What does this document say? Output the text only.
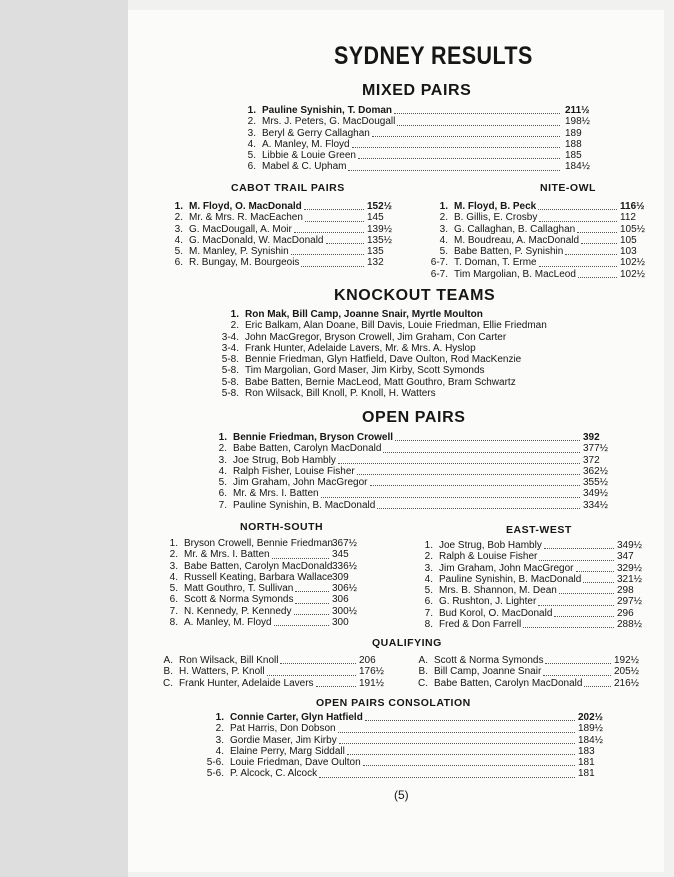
SYDNEY RESULTS
MIXED PAIRS
1. Pauline Synishin, T. Doman	211½
2. Mrs. J. Peters, G. MacDougall	198½
3. Beryl & Gerry Callaghan	189
4. A. Manley, M. Floyd	188
5. Libbie & Louie Green	185
6. Mabel & C. Upham	184½
CABOT TRAIL PAIRS
1. M. Floyd, O. MacDonald	152½
2. Mr. & Mrs. R. MacEachen	145
3. G. MacDougall, A. Moir	139½
4. G. MacDonald, W. MacDonald	135½
5. M. Manley, P. Synishin	135
6. R. Bungay, M. Bourgeois	132
NITE-OWL
1. M. Floyd, B. Peck	116½
2. B. Gillis, E. Crosby	112
3. G. Callaghan, B. Callaghan	105½
4. M. Boudreau, A. MacDonald	105
5. Babe Batten, P. Synishin	103
6-7. T. Doman, T. Erme	102½
6-7. Tim Margolian, B. MacLeod	102½
KNOCKOUT TEAMS
1. Ron Mak, Bill Camp, Joanne Snair, Myrtle Moulton
2. Eric Balkam, Alan Doane, Bill Davis, Louie Friedman, Ellie Friedman
3-4. John MacGregor, Bryson Crowell, Jim Graham, Con Carter
3-4. Frank Hunter, Adelaide Lavers, Mr. & Mrs. A. Hyslop
5-8. Bennie Friedman, Glyn Hatfield, Dave Oulton, Rod MacKenzie
5-8. Tim Margolian, Gord Maser, Jim Kirby, Scott Symonds
5-8. Babe Batten, Bernie MacLeod, Matt Gouthro, Bram Schwartz
5-8. Ron Wilsack, Bill Knoll, P. Knoll, H. Watters
OPEN PAIRS
1. Bennie Friedman, Bryson Crowell	392
2. Babe Batten, Carolyn MacDonald	377½
3. Joe Strug, Bob Hambly	372
4. Ralph Fisher, Louise Fisher	362½
5. Jim Graham, John MacGregor	355½
6. Mr. & Mrs. I. Batten	349½
7. Pauline Synishin, B. MacDonald	334½
NORTH-SOUTH
1. Bryson Crowell, Bennie Friedman 367½
2. Mr. & Mrs. I. Batten	345
3. Babe Batten, Carolyn MacDonald 336½
4. Russell Keating, Barbara Wallace 309
5. Matt Gouthro, T. Sullivan	306½
6. Scott & Norma Symonds	306
7. N. Kennedy, P. Kennedy	300½
8. A. Manley, M. Floyd	300
EAST-WEST
1. Joe Strug, Bob Hambly	349½
2. Ralph & Louise Fisher	347
3. Jim Graham, John MacGregor	329½
4. Pauline Synishin, B. MacDonald	321½
5. Mrs. B. Shannon, M. Dean	298
6. G. Rushton, J. Lighter	297½
7. Bud Korol, O. MacDonald	296
8. Fred & Don Farrell	288½
QUALIFYING
A. Ron Wilsack, Bill Knoll	206
B. H. Watters, P. Knoll	176½
C. Frank Hunter, Adelaide Lavers	191½
A. Scott & Norma Symonds	192½
B. Bill Camp, Joanne Snair	205½
C. Babe Batten, Carolyn MacDonald	216½
OPEN PAIRS CONSOLATION
1. Connie Carter, Glyn Hatfield	202½
2. Pat Harris, Don Dobson	189½
3. Gordie Maser, Jim Kirby	184½
4. Elaine Perry, Marg Siddall	183
5-6. Louie Friedman, Dave Oulton	181
5-6. P. Alcock, C. Alcock	181
(5)
